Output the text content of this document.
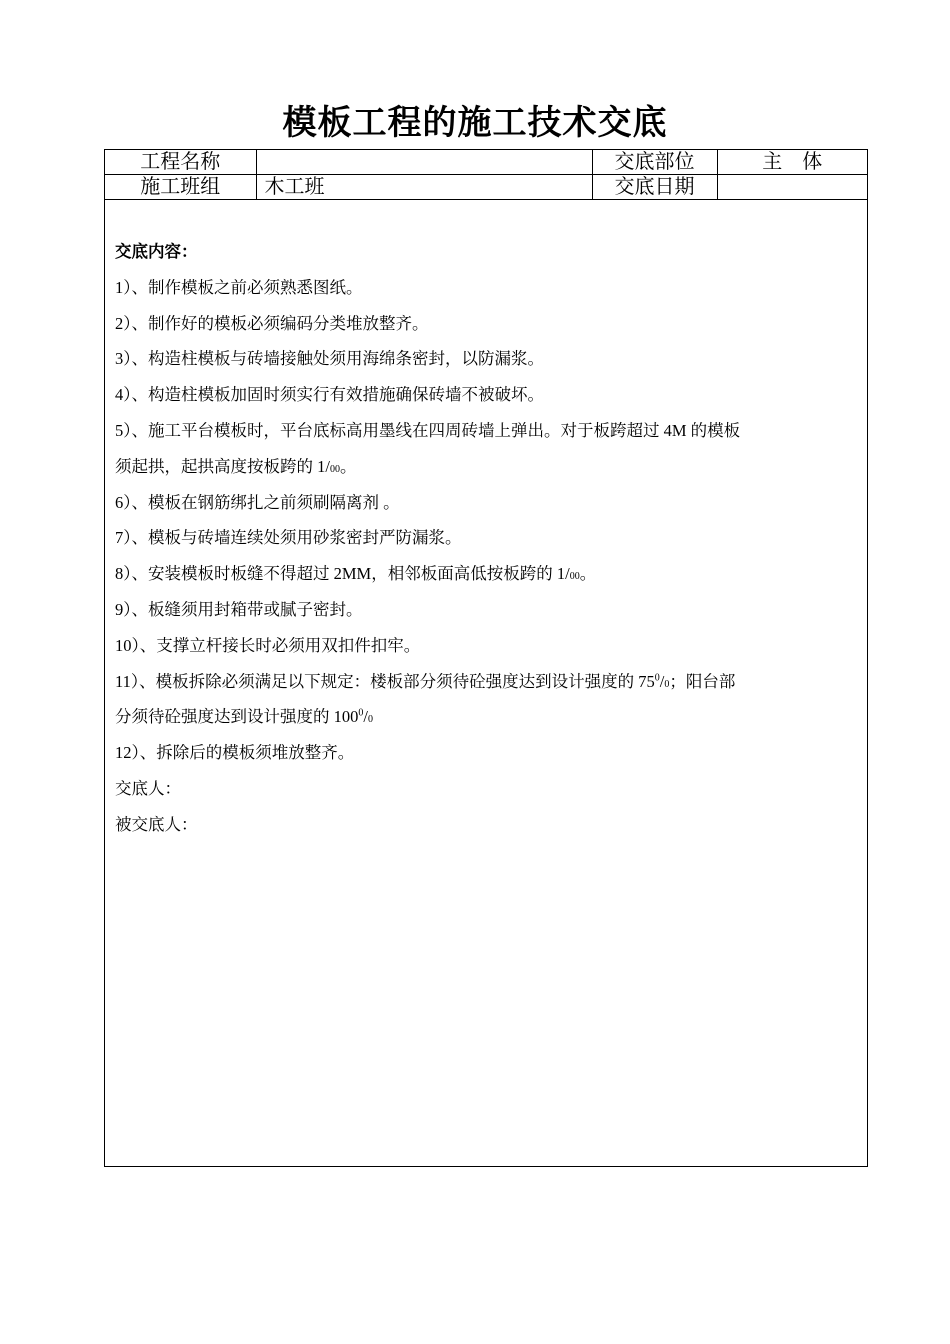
模板工程的施工技术交底
工程名称		交底部位	主　体
施工班组	木工班	交底日期	
交底内容：
1）、制作模板之前必须熟悉图纸。
2）、制作好的模板必须编码分类堆放整齐。
3）、构造柱模板与砖墙接触处须用海绵条密封，以防漏浆。
4）、构造柱模板加固时须实行有效措施确保砖墙不被破坏。
5）、施工平台模板时，平台底标高用墨线在四周砖墙上弹出。对于板跨超过 4M 的模板
须起拱，起拱高度按板跨的 1/00。
6）、模板在钢筋绑扎之前须刷隔离剂 。
7）、模板与砖墙连续处须用砂浆密封严防漏浆。
8）、安装模板时板缝不得超过 2MM，相邻板面高低按板跨的 1/00。
9）、板缝须用封箱带或腻子密封。
10）、支撑立杆接长时必须用双扣件扣牢。
11）、模板拆除必须满足以下规定：楼板部分须待砼强度达到设计强度的 $75^0/0$；阳台部
分须待砼强度达到设计强度的 $100^0/0$
12）、拆除后的模板须堆放整齐。
交底人：
被交底人：
